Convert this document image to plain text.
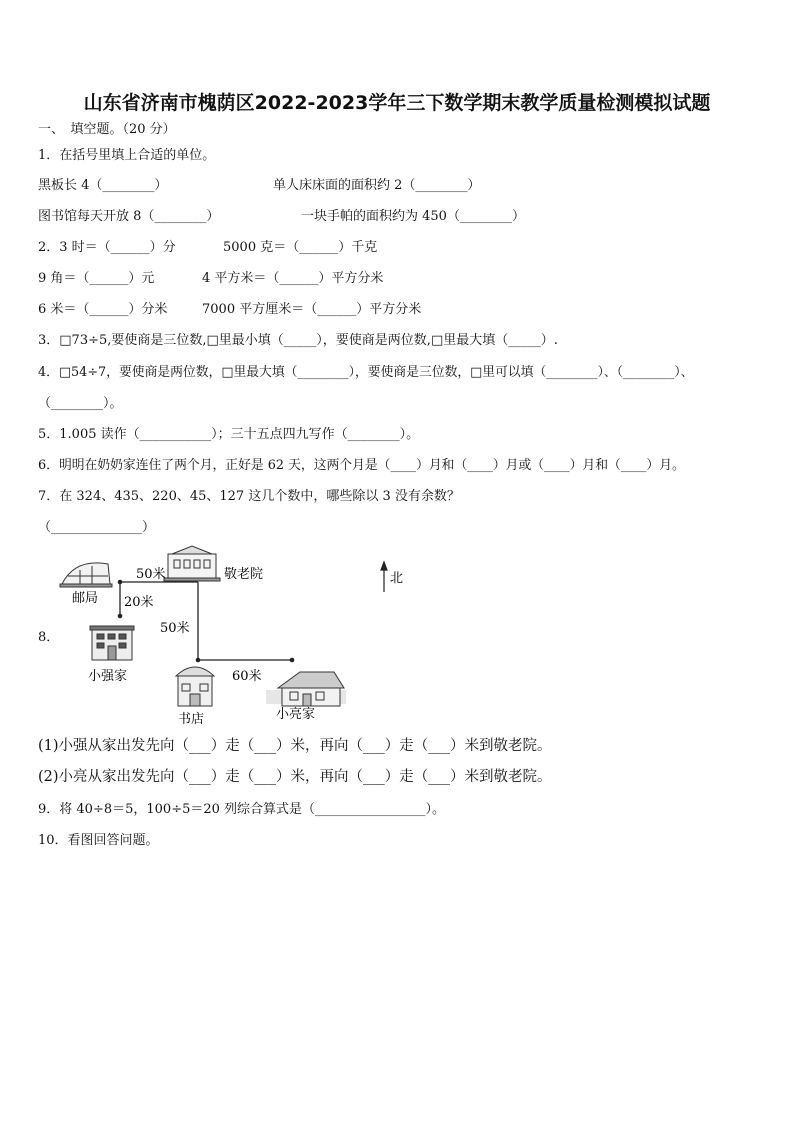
山东省济南市槐荫区2022-2023学年三下数学期末教学质量检测模拟试题
一、　填空题。（20 分）
1．在括号里填上合适的单位。
黑板长 4（________）	单人床床面的面积约 2（________）
图书馆每天开放 8（________）	一块手帕的面积约为 450（________）
2．3 时＝（______）分	5000 克＝（______）千克
9 角＝（______）元	4 平方米＝（______）平方分米
6 米＝（______）分米	7000 平方厘米＝（______）平方分米
3．□73÷5,要使商是三位数,□里最小填（_____），要使商是两位数,□里最大填（_____）.
4．□54÷7，要使商是两位数，□里最大填（________），要使商是三位数，□里可以填（________）、（________）、
（________）。
5．1.005 读作（___________）；三十五点四九写作（________）。
6．明明在奶奶家连住了两个月，正好是 62 天，这两个月是（____）月和（____）月或（____）月和（____）月。
7．在 324、435、220、45、127 这几个数中，哪些除以 3 没有余数？
（______________）
8．
邮局
敬老院	北
小强家
书店	小亮家
50米
20米
50米
60米
(1)小强从家出发先向（___）走（___）米，再向（___）走（___）米到敬老院。
(2)小亮从家出发先向（___）走（___）米，再向（___）走（___）米到敬老院。
9．将 40÷8＝5，100÷5＝20 列综合算式是（_________________）。
10．看图回答问题。
